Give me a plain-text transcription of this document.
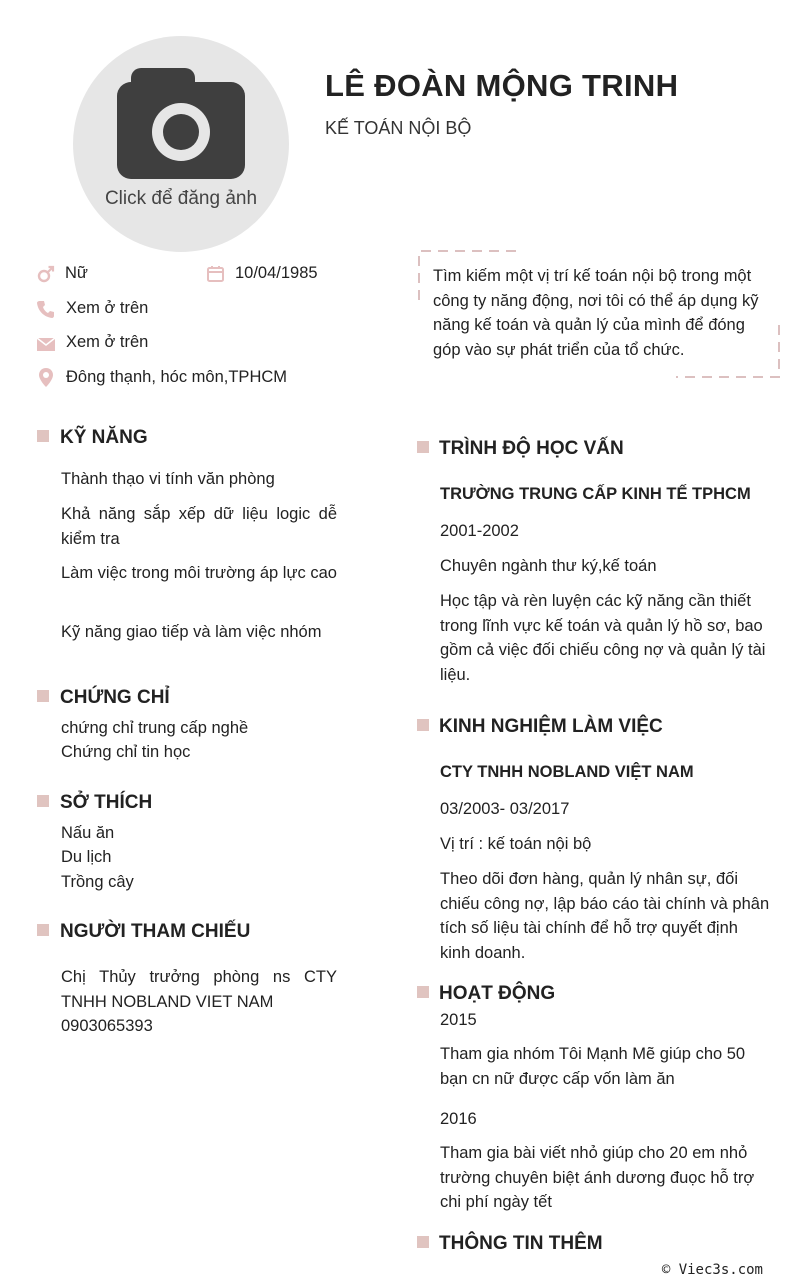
Click để đăng ảnh
LÊ ĐOÀN MỘNG TRINH
KẾ TOÁN NỘI BỘ
Nữ	10/04/1985
Xem ở trên
Xem ở trên
Đông thạnh, hóc môn,TPHCM
Tìm kiếm một vị trí kế toán nội bộ trong một công ty năng động, nơi tôi có thể áp dụng kỹ năng kế toán và quản lý của mình để đóng góp vào sự phát triển của tổ chức.
KỸ NĂNG
Thành thạo vi tính văn phòng
Khả năng sắp xếp dữ liệu logic dễ kiểm tra
Làm việc trong môi trường áp lực cao
Kỹ năng giao tiếp và làm việc nhóm
CHỨNG CHỈ
chứng chỉ trung cấp nghề
Chứng chỉ tin học
SỞ THÍCH
Nấu ăn
Du lịch
Trồng cây
NGƯỜI THAM CHIẾU
Chị Thủy trưởng phòng ns CTY TNHH NOBLAND VIET NAM
0903065393
TRÌNH ĐỘ HỌC VẤN
TRƯỜNG TRUNG CẤP KINH TẾ TPHCM
2001-2002
Chuyên ngành thư ký,kế toán
Học tập và rèn luyện các kỹ năng cần thiết trong lĩnh vực kế toán và quản lý hồ sơ, bao gồm cả việc đối chiếu công nợ và quản lý tài liệu.
KINH NGHIỆM LÀM VIỆC
CTY TNHH NOBLAND VIỆT NAM
03/2003- 03/2017
Vị trí : kế toán nội bộ
Theo dõi đơn hàng, quản lý nhân sự, đối chiếu công nợ, lập báo cáo tài chính và phân tích số liệu tài chính để hỗ trợ quyết định kinh doanh.
HOẠT ĐỘNG
2015
Tham gia nhóm Tôi Mạnh Mẽ giúp cho 50 bạn cn nữ được cấp vốn làm ăn
2016
Tham gia bài viết nhỏ giúp cho 20 em nhỏ trường chuyên biệt ánh dương đuọc hỗ trợ chi phí ngày tết
THÔNG TIN THÊM
© Viec3s.com
